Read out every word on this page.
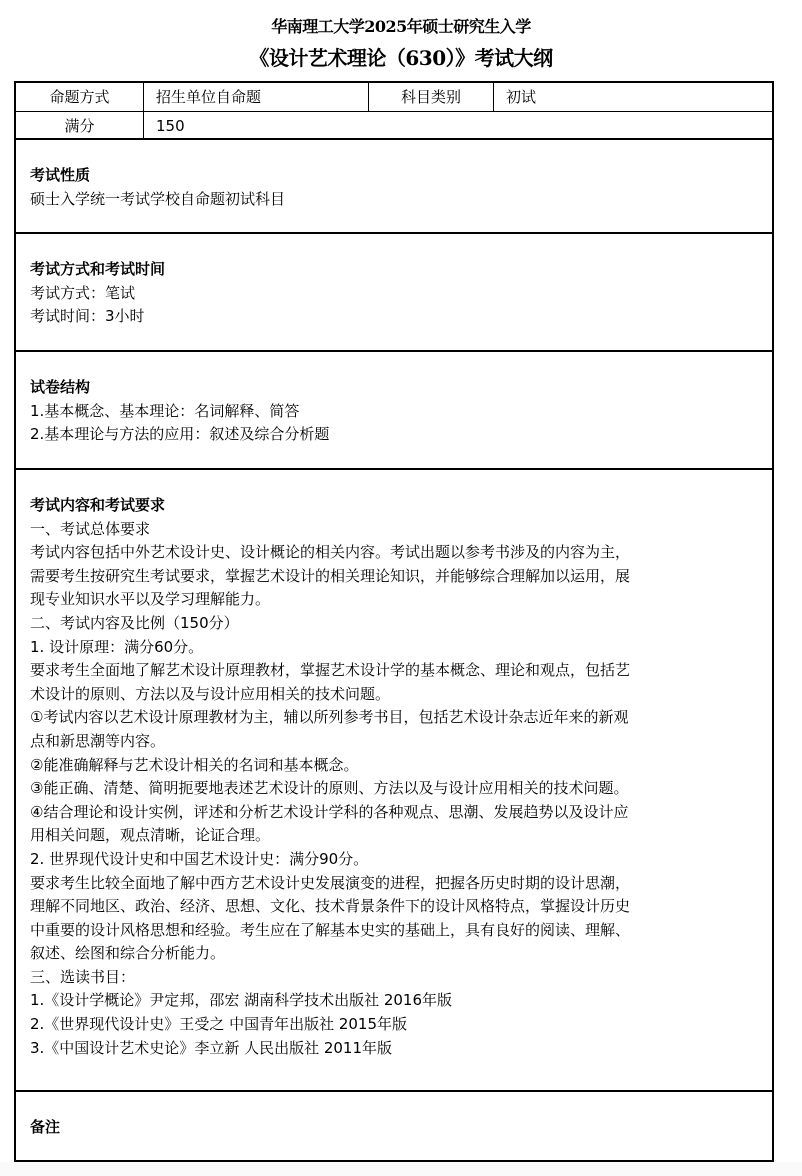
华南理工大学2025年硕士研究生入学
《设计艺术理论（630）》考试大纲
命题方式	招生单位自命题	科目类别	初试
满分	150
考试性质
硕士入学统一考试学校自命题初试科目
考试方式和考试时间
考试方式：笔试
考试时间：3小时
试卷结构
1.基本概念、基本理论：名词解释、简答
2.基本理论与方法的应用：叙述及综合分析题
考试内容和考试要求
一、考试总体要求
考试内容包括中外艺术设计史、设计概论的相关内容。考试出题以参考书涉及的内容为主，
需要考生按研究生考试要求，掌握艺术设计的相关理论知识，并能够综合理解加以运用，展
现专业知识水平以及学习理解能力。
二、考试内容及比例（150分）
1. 设计原理：满分60分。
要求考生全面地了解艺术设计原理教材，掌握艺术设计学的基本概念、理论和观点，包括艺
术设计的原则、方法以及与设计应用相关的技术问题。
①考试内容以艺术设计原理教材为主，辅以所列参考书目，包括艺术设计杂志近年来的新观
点和新思潮等内容。
②能准确解释与艺术设计相关的名词和基本概念。
③能正确、清楚、简明扼要地表述艺术设计的原则、方法以及与设计应用相关的技术问题。
④结合理论和设计实例，评述和分析艺术设计学科的各种观点、思潮、发展趋势以及设计应
用相关问题，观点清晰，论证合理。
2. 世界现代设计史和中国艺术设计史：满分90分。
要求考生比较全面地了解中西方艺术设计史发展演变的进程，把握各历史时期的设计思潮，
理解不同地区、政治、经济、思想、文化、技术背景条件下的设计风格特点，掌握设计历史
中重要的设计风格思想和经验。考生应在了解基本史实的基础上，具有良好的阅读、理解、
叙述、绘图和综合分析能力。
三、选读书目：
1.《设计学概论》尹定邦，邵宏 湖南科学技术出版社 2016年版
2.《世界现代设计史》王受之 中国青年出版社 2015年版
3.《中国设计艺术史论》李立新 人民出版社 2011年版
备注
